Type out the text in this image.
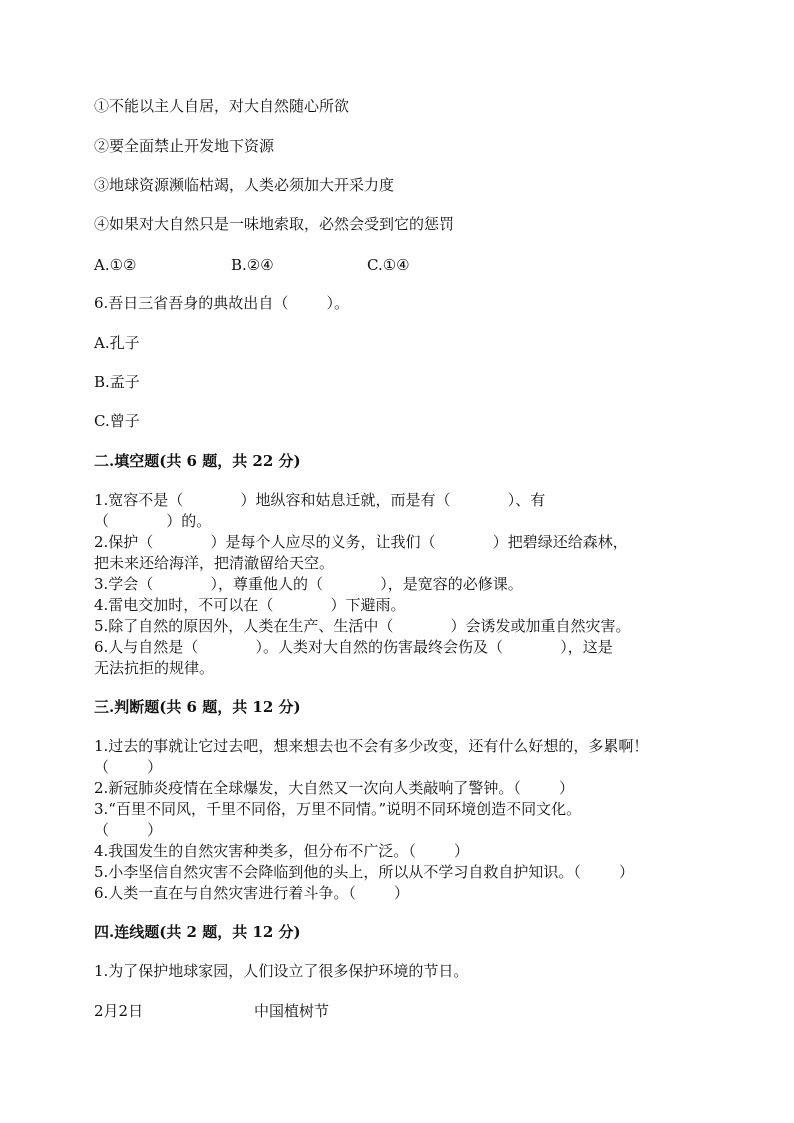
①不能以主人自居，对大自然随心所欲
②要全面禁止开发地下资源
③地球资源濒临枯竭，人类必须加大开采力度
④如果对大自然只是一味地索取，必然会受到它的惩罚
A.①②	B.②④	C.①④
6.吾日三省吾身的典故出自（        ）。
A.孔子
B.孟子
C.曾子
二.填空题(共 6 题，共 22 分)
1.宽容不是（            ）地纵容和姑息迁就，而是有（            ）、有
（            ）的。
2.保护（            ）是每个人应尽的义务，让我们（            ）把碧绿还给森林，
把未来还给海洋，把清澈留给天空。
3.学会（            ），尊重他人的（            ），是宽容的必修课。
4.雷电交加时，不可以在（            ）下避雨。
5.除了自然的原因外，人类在生产、生活中（            ）会诱发或加重自然灾害。
6.人与自然是（            ）。人类对大自然的伤害最终会伤及（            ），这是
无法抗拒的规律。
三.判断题(共 6 题，共 12 分)
1.过去的事就让它过去吧，想来想去也不会有多少改变，还有什么好想的，多累啊！
（        ）
2.新冠肺炎疫情在全球爆发，大自然又一次向人类敲响了警钟。（        ）
3.“百里不同风，千里不同俗，万里不同情。”说明不同环境创造不同文化。
（        ）
4.我国发生的自然灾害种类多，但分布不广泛。（        ）
5.小李坚信自然灾害不会降临到他的头上，所以从不学习自救自护知识。（        ）
6.人类一直在与自然灾害进行着斗争。（        ）
四.连线题(共 2 题，共 12 分)
1.为了保护地球家园，人们设立了很多保护环境的节日。
2月2日	中国植树节
